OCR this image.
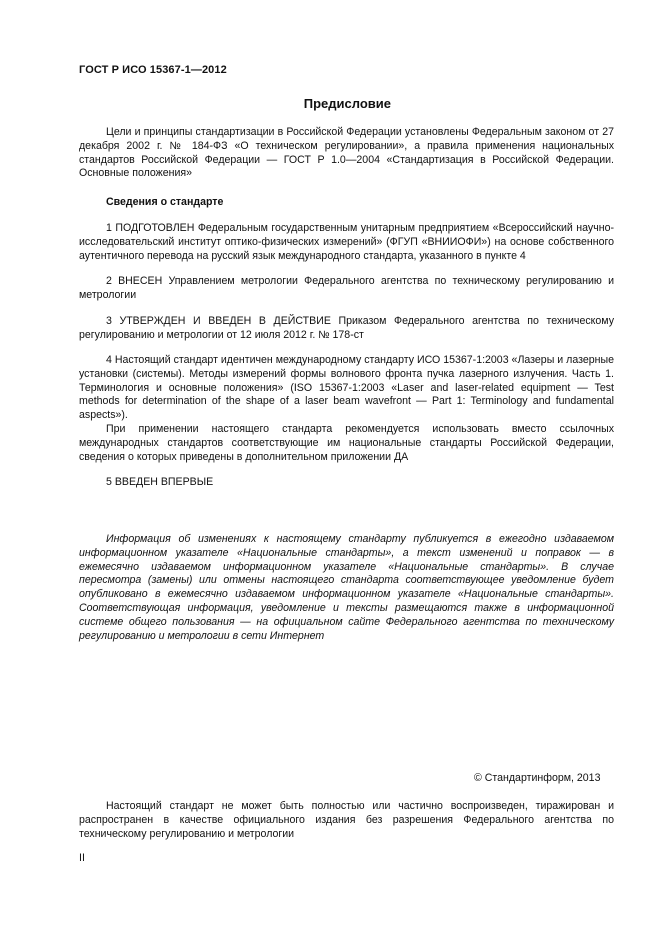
ГОСТ Р ИСО 15367-1—2012
Предисловие

Цели и принципы стандартизации в Российской Федерации установлены Федеральным законом от 27 декабря 2002 г. № 184-ФЗ «О техническом регулировании», а правила применения национальных стандартов Российской Федерации — ГОСТ Р 1.0—2004 «Стандартизация в Российской Федерации. Основные положения»

Сведения о стандарте

1 ПОДГОТОВЛЕН Федеральным государственным унитарным предприятием «Всероссийский научно-исследовательский институт оптико-физических измерений» (ФГУП «ВНИИОФИ») на основе собственного аутентичного перевода на русский язык международного стандарта, указанного в пункте 4

2 ВНЕСЕН Управлением метрологии Федерального агентства по техническому регулированию и метрологии

3 УТВЕРЖДЕН И ВВЕДЕН В ДЕЙСТВИЕ Приказом Федерального агентства по техническому регулированию и метрологии от 12 июля 2012 г. № 178-ст

4 Настоящий стандарт идентичен международному стандарту ИСО 15367-1:2003 «Лазеры и лазерные установки (системы). Методы измерений формы волнового фронта пучка лазерного излучения. Часть 1. Терминология и основные положения» (ISO 15367-1:2003 «Laser and laser-related equipment — Test methods for determination of the shape of a laser beam wavefront — Part 1: Terminology and fundamental aspects»).

При применении настоящего стандарта рекомендуется использовать вместо ссылочных международных стандартов соответствующие им национальные стандарты Российской Федерации, сведения о которых приведены в дополнительном приложении ДА

5 ВВЕДЕН ВПЕРВЫЕ

Информация об изменениях к настоящему стандарту публикуется в ежегодно издаваемом информационном указателе «Национальные стандарты», а текст изменений и поправок — в ежемесячно издаваемом информационном указателе «Национальные стандарты». В случае пересмотра (замены) или отмены настоящего стандарта соответствующее уведомление будет опубликовано в ежемесячно издаваемом информационном указателе «Национальные стандарты». Соответствующая информация, уведомление и тексты размещаются также в информационной системе общего пользования — на официальном сайте Федерального агентства по техническому регулированию и метрологии в сети Интернет

© Стандартинформ, 2013

Настоящий стандарт не может быть полностью или частично воспроизведен, тиражирован и распространен в качестве официального издания без разрешения Федерального агентства по техническому регулированию и метрологии

II
